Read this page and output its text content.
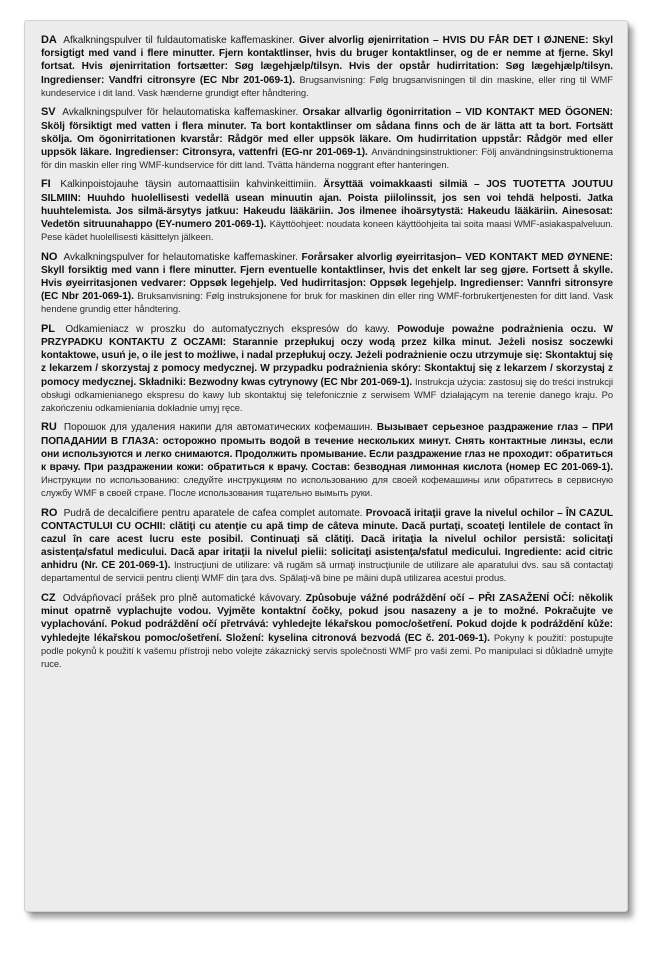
DA Afkalkningspulver til fuldautomatiske kaffemaskiner. Giver alvorlig øjenirritation – HVIS DU FÅR DET I ØJNENE: Skyl forsigtigt med vand i flere minutter. Fjern kontaktlinser, hvis du bruger kontaktlinser, og de er nemme at fjerne. Skyl fortsat. Hvis øjenirritation fortsætter: Søg lægehjælp/tilsyn. Hvis der opstår hudirritation: Søg lægehjælp/tilsyn. Ingredienser: Vandfri citronsyre (EC Nbr 201-069-1). Brugsanvisning: Følg brugsanvisningen til din maskine, eller ring til WMF kundeservice i dit land. Vask hænderne grundigt efter håndtering.

SV Avkalkningspulver för helautomatiska kaffemaskiner. Orsakar allvarlig ögonirritation – VID KONTAKT MED ÖGONEN: Skölj försiktigt med vatten i flera minuter. Ta bort kontaktlinser om sådana finns och de är lätta att ta bort. Fortsätt skölja. Om ögonirritationen kvarstår: Rådgör med eller uppsök läkare. Om hudirritation uppstår: Rådgör med eller uppsök läkare. Ingredienser: Citronsyra, vattenfri (EG-nr 201-069-1). Användningsinstruktioner: Följ användningsinstruktionerna för din maskin eller ring WMF-kundservice för ditt land. Tvätta händerna noggrant efter hanteringen.

FI Kalkinpoistojauhe täysin automaattisiin kahvinkeittimiin. Ärsyttää voimakkaasti silmiä – JOS TUOTETTA JOUTUU SILMIIN: Huuhdo huolellisesti vedellä usean minuutin ajan. Poista piilolinssit, jos sen voi tehdä helposti. Jatka huuhtelemista. Jos silmä-ärsytys jatkuu: Hakeudu lääkäriin. Jos ilmenee ihoärsytystä: Hakeudu lääkäriin. Ainesosat: Vedetön sitruunahappo (EY-numero 201-069-1). Käyttöohjeet: noudata koneen käyttöohjeita tai soita maasi WMF-asiakaspalveluun. Pese kädet huolellisesti käsittelyn jälkeen.

NO Avkalkningspulver for helautomatiske kaffemaskiner. Forårsaker alvorlig øyeirritasjon– VED KONTAKT MED ØYNENE: Skyll forsiktig med vann i flere minutter. Fjern eventuelle kontaktlinser, hvis det enkelt lar seg gjøre. Fortsett å skylle. Hvis øyeirritasjonen vedvarer: Oppsøk legehjelp. Ved hudirritasjon: Oppsøk legehjelp. Ingredienser: Vannfri sitronsyre (EC Nbr 201-069-1). Bruksanvisning: Følg instruksjonene for bruk for maskinen din eller ring WMF-forbrukertjenesten for ditt land. Vask hendene grundig etter håndtering.

PL Odkamieniacz w proszku do automatycznych ekspresów do kawy. Powoduje poważne podrażnienia oczu. W PRZYPADKU KONTAKTU Z OCZAMI: Starannie przepłukuj oczy wodą przez kilka minut. Jeżeli nosisz soczewki kontaktowe, usuń je, o ile jest to możliwe, i nadal przepłukuj oczy. Jeżeli podrażnienie oczu utrzymuje się: Skontaktuj się z lekarzem / skorzystaj z pomocy medycznej. W przypadku podrażnienia skóry: Skontaktuj się z lekarzem / skorzystaj z pomocy medycznej. Składniki: Bezwodny kwas cytrynowy (EC Nbr 201-069-1). Instrukcja użycia: zastosuj się do treści instrukcji obsługi odkamienianego ekspresu do kawy lub skontaktuj się telefonicznie z serwisem WMF działającym na terenie danego kraju. Po zakończeniu odkamieniania dokładnie umyj ręce.

RU Порошок для удаления накипи для автоматических кофемашин. Вызывает серьезное раздражение глаз – ПРИ ПОПАДАНИИ В ГЛАЗА: осторожно промыть водой в течение нескольких минут. Снять контактные линзы, если они используются и легко снимаются. Продолжить промывание. Если раздражение глаз не проходит: обратиться к врачу. При раздражении кожи: обратиться к врачу. Состав: безводная лимонная кислота (номер ЕС 201-069-1). Инструкции по использованию: следуйте инструкциям по использованию для своей кофемашины или обратитесь в сервисную службу WMF в своей стране. После использования тщательно вымыть руки.

RO Pudră de decalcifiere pentru aparatele de cafea complet automate. Provoacă iritaţii grave la nivelul ochilor – ÎN CAZUL CONTACTULUI CU OCHII: clătiţi cu atenţie cu apă timp de câteva minute. Dacă purtaţi, scoateţi lentilele de contact în cazul în care acest lucru este posibil. Continuaţi să clătiţi. Dacă iritaţia la nivelul ochilor persistă: solicitaţi asistenţa/sfatul medicului. Dacă apar iritaţii la nivelul pielii: solicitaţi asistenţa/sfatul medicului. Ingrediente: acid citric anhidru (Nr. CE 201-069-1). Instrucţiuni de utilizare: vă rugăm să urmaţi instrucţiunile de utilizare ale aparatului dvs. sau să contactaţi departamentul de servicii pentru clienţi WMF din ţara dvs. Spălaţi-vă bine pe mâini după utilizarea acestui produs.

CZ Odvápňovací prášek pro plně automatické kávovary. Způsobuje vážné podráždění očí – PŘI ZASAŽENÍ OČÍ: několik minut opatrně vyplachujte vodou. Vyjměte kontaktní čočky, pokud jsou nasazeny a je to možné. Pokračujte ve vyplachování. Pokud podráždění očí přetrvává: vyhledejte lékařskou pomoc/ošetření. Pokud dojde k podráždění kůže: vyhledejte lékařskou pomoc/ošetření. Složení: kyselina citronová bezvodá (EC č. 201-069-1). Pokyny k použití: postupujte podle pokynů k použití k vašemu přístroji nebo volejte zákaznický servis společnosti WMF pro vaši zemi. Po manipulaci si důkladně umyjte ruce.
